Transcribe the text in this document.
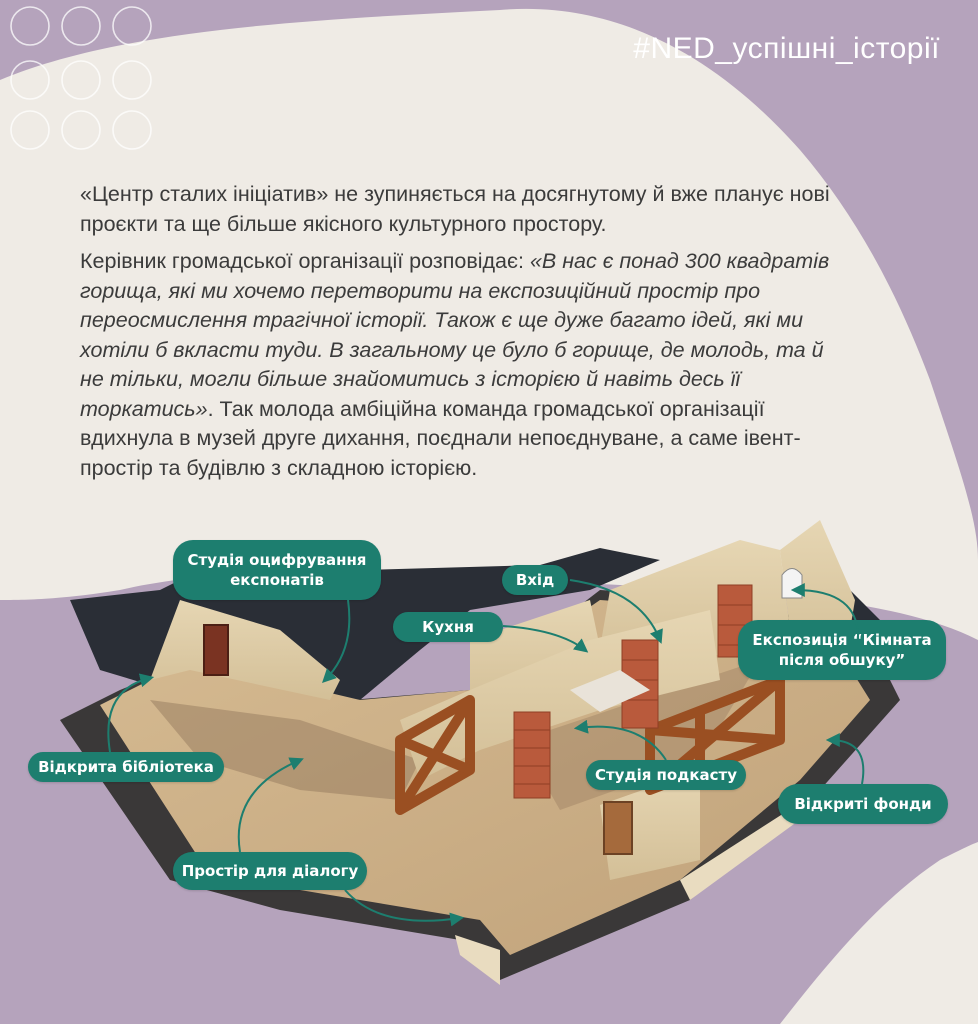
#NED_успішні_історії

«Центр сталих ініціатив» не зупиняється на досягнутому й вже планує нові проєкти та ще більше якісного культурного простору.

Керівник громадської організації розповідає: «В нас є понад 300 квадратів горища, які ми хочемо перетворити на експозиційний простір про переосмислення трагічної історії. Також є ще дуже багато ідей, які ми хотіли б вкласти туди. В загальному це було б горище, де молодь, та й не тільки, могли більше знайомитись з історією й навіть десь її торкатись». Так молода амбіційна команда громадської організації вдихнула в музей друге дихання, поєднали непоєднуване, а саме івент-простір та будівлю з складною історією.

Студія оцифрування експонатів	Вхід
Кухня
Експозиція “Кімната після обшуку”
Відкрита бібліотека	Студія подкасту
Відкриті фонди
Простір для діалогу
